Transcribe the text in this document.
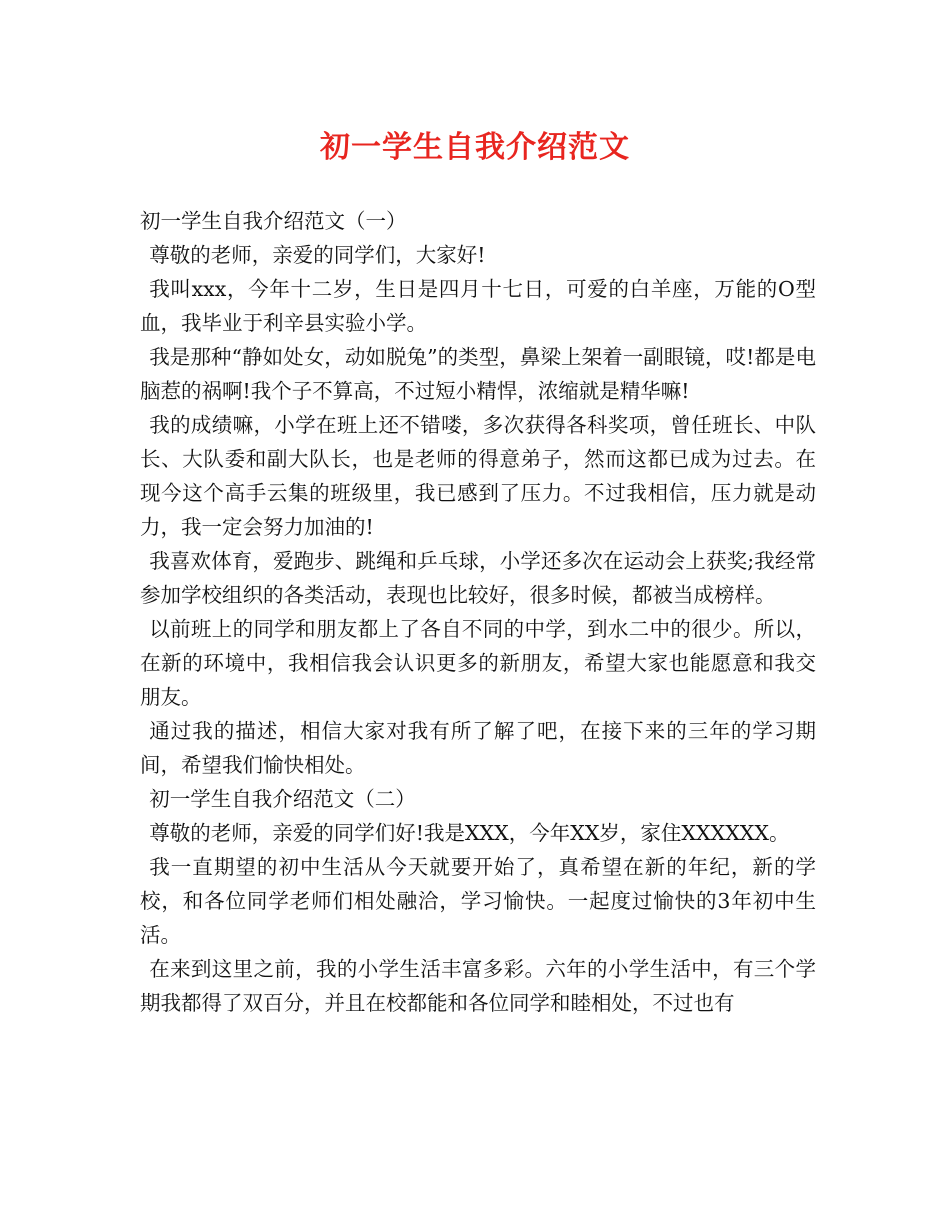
初一学生自我介绍范文

初一学生自我介绍范文（一）

尊敬的老师，亲爱的同学们，大家好!

我叫xxx，今年十二岁，生日是四月十七日，可爱的白羊座，万能的O型血，我毕业于利辛县实验小学。

我是那种“静如处女，动如脱兔”的类型，鼻梁上架着一副眼镜，哎!都是电脑惹的祸啊!我个子不算高，不过短小精悍，浓缩就是精华嘛!

我的成绩嘛，小学在班上还不错喽，多次获得各科奖项，曾任班长、中队长、大队委和副大队长，也是老师的得意弟子，然而这都已成为过去。在现今这个高手云集的班级里，我已感到了压力。不过我相信，压力就是动力，我一定会努力加油的!

我喜欢体育，爱跑步、跳绳和乒乓球，小学还多次在运动会上获奖;我经常参加学校组织的各类活动，表现也比较好，很多时候，都被当成榜样。

以前班上的同学和朋友都上了各自不同的中学，到水二中的很少。所以，在新的环境中，我相信我会认识更多的新朋友，希望大家也能愿意和我交朋友。

通过我的描述，相信大家对我有所了解了吧，在接下来的三年的学习期间，希望我们愉快相处。

初一学生自我介绍范文（二）

尊敬的老师，亲爱的同学们好!我是XXX，今年XX岁，家住XXXXXX。

我一直期望的初中生活从今天就要开始了，真希望在新的年纪，新的学校，和各位同学老师们相处融洽，学习愉快。一起度过愉快的3年初中生活。

在来到这里之前，我的小学生活丰富多彩。六年的小学生活中，有三个学期我都得了双百分，并且在校都能和各位同学和睦相处，不过也有
